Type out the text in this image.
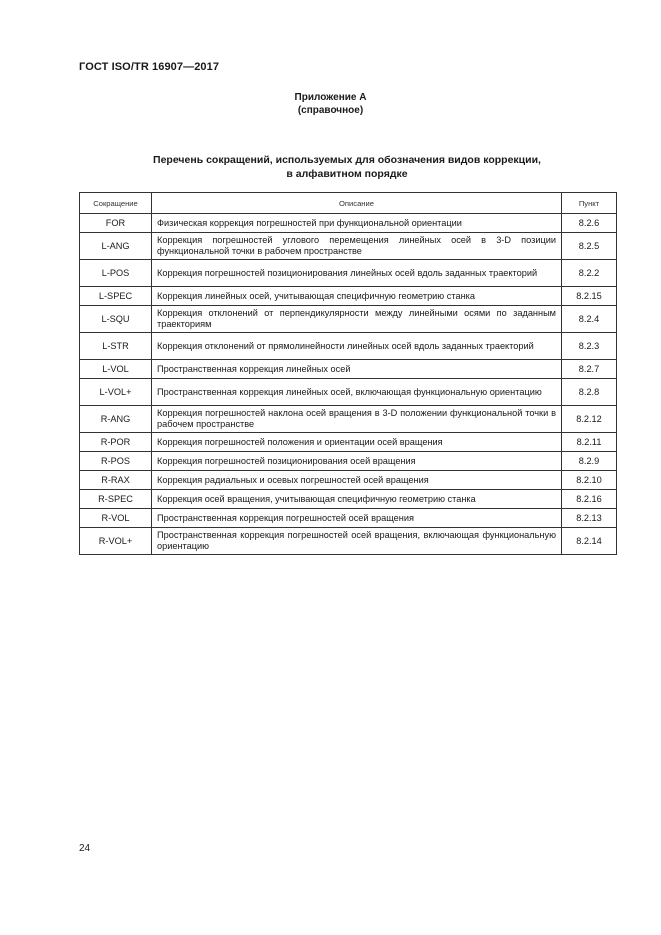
ГОСТ ISO/TR 16907—2017
Приложение А
(справочное)
Перечень сокращений, используемых для обозначения видов коррекции,
в алфавитном порядке
Сокращение	Описание	Пункт
FOR	Физическая коррекция погрешностей при функциональной ориентации	8.2.6
L-ANG	Коррекция погрешностей углового перемещения линейных осей в 3-D позиции функциональной точки в рабочем пространстве	8.2.5
L-POS	Коррекция погрешностей позиционирования линейных осей вдоль заданных траекторий	8.2.2
L-SPEC	Коррекция линейных осей, учитывающая специфичную геометрию станка	8.2.15
L-SQU	Коррекция отклонений от перпендикулярности между линейными осями по заданным траекториям	8.2.4
L-STR	Коррекция отклонений от прямолинейности линейных осей вдоль заданных траекторий	8.2.3
L-VOL	Пространственная коррекция линейных осей	8.2.7
L-VOL+	Пространственная коррекция линейных осей, включающая функциональную ориентацию	8.2.8
R-ANG	Коррекция погрешностей наклона осей вращения в 3-D положении функциональной точки в рабочем пространстве	8.2.12
R-POR	Коррекция погрешностей положения и ориентации осей вращения	8.2.11
R-POS	Коррекция погрешностей позиционирования осей вращения	8.2.9
R-RAX	Коррекция радиальных и осевых погрешностей осей вращения	8.2.10
R-SPEC	Коррекция осей вращения, учитывающая специфичную геометрию станка	8.2.16
R-VOL	Пространственная коррекция погрешностей осей вращения	8.2.13
R-VOL+	Пространственная коррекция погрешностей осей вращения, включающая функциональную ориентацию	8.2.14
24
